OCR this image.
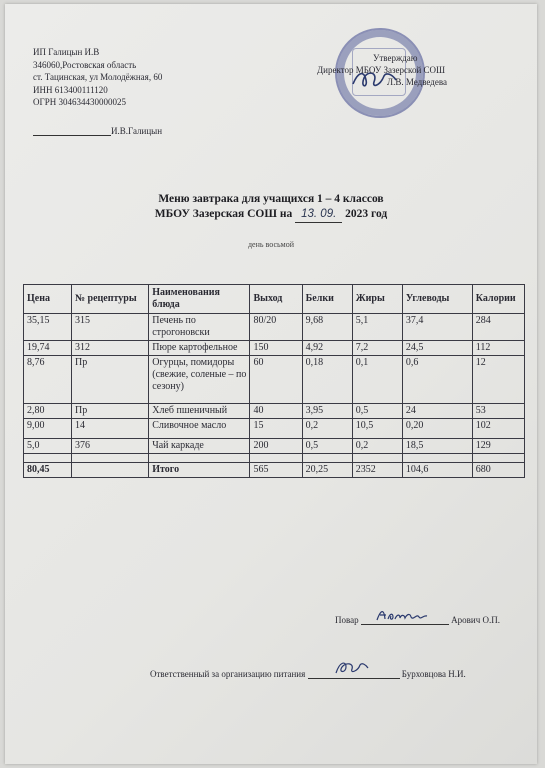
ИП Галицын И.В
346060,Ростовская область
ст. Тацинская, ул Молодёжная, 60
ИНН 613400111120
ОГРН 304634430000025
И.В.Галицын
Утверждаю
Директор МБОУ Зазерской СОШ
Л.В. Медведева
Меню завтрака для учащихся 1 – 4 классов
МБОУ Зазерская СОШ на 13. 09. 2023 год
день восьмой
Цена	№ рецептуры	Наименования блюда	Выход	Белки	Жиры	Углеводы	Калории
35,15	315	Печень по строгоновски	80/20	9,68	5,1	37,4	284
19,74	312	Пюре картофельное	150	4,92	7,2	24,5	112
8,76	Пр	Огурцы, помидоры (свежие, соленые – по сезону)	60	0,18	0,1	0,6	12
2,80	Пр	Хлеб пшеничный	40	3,95	0,5	24	53
9,00	14	Сливочное масло	15	0,2	10,5	0,20	102
5,0	376	Чай каркаде	200	0,5	0,2	18,5	129

80,45		Итого	565	20,25	2352	104,6	680
Повар	Арович О.П.
Ответственный за организацию питания	Бурховцова Н.И.
